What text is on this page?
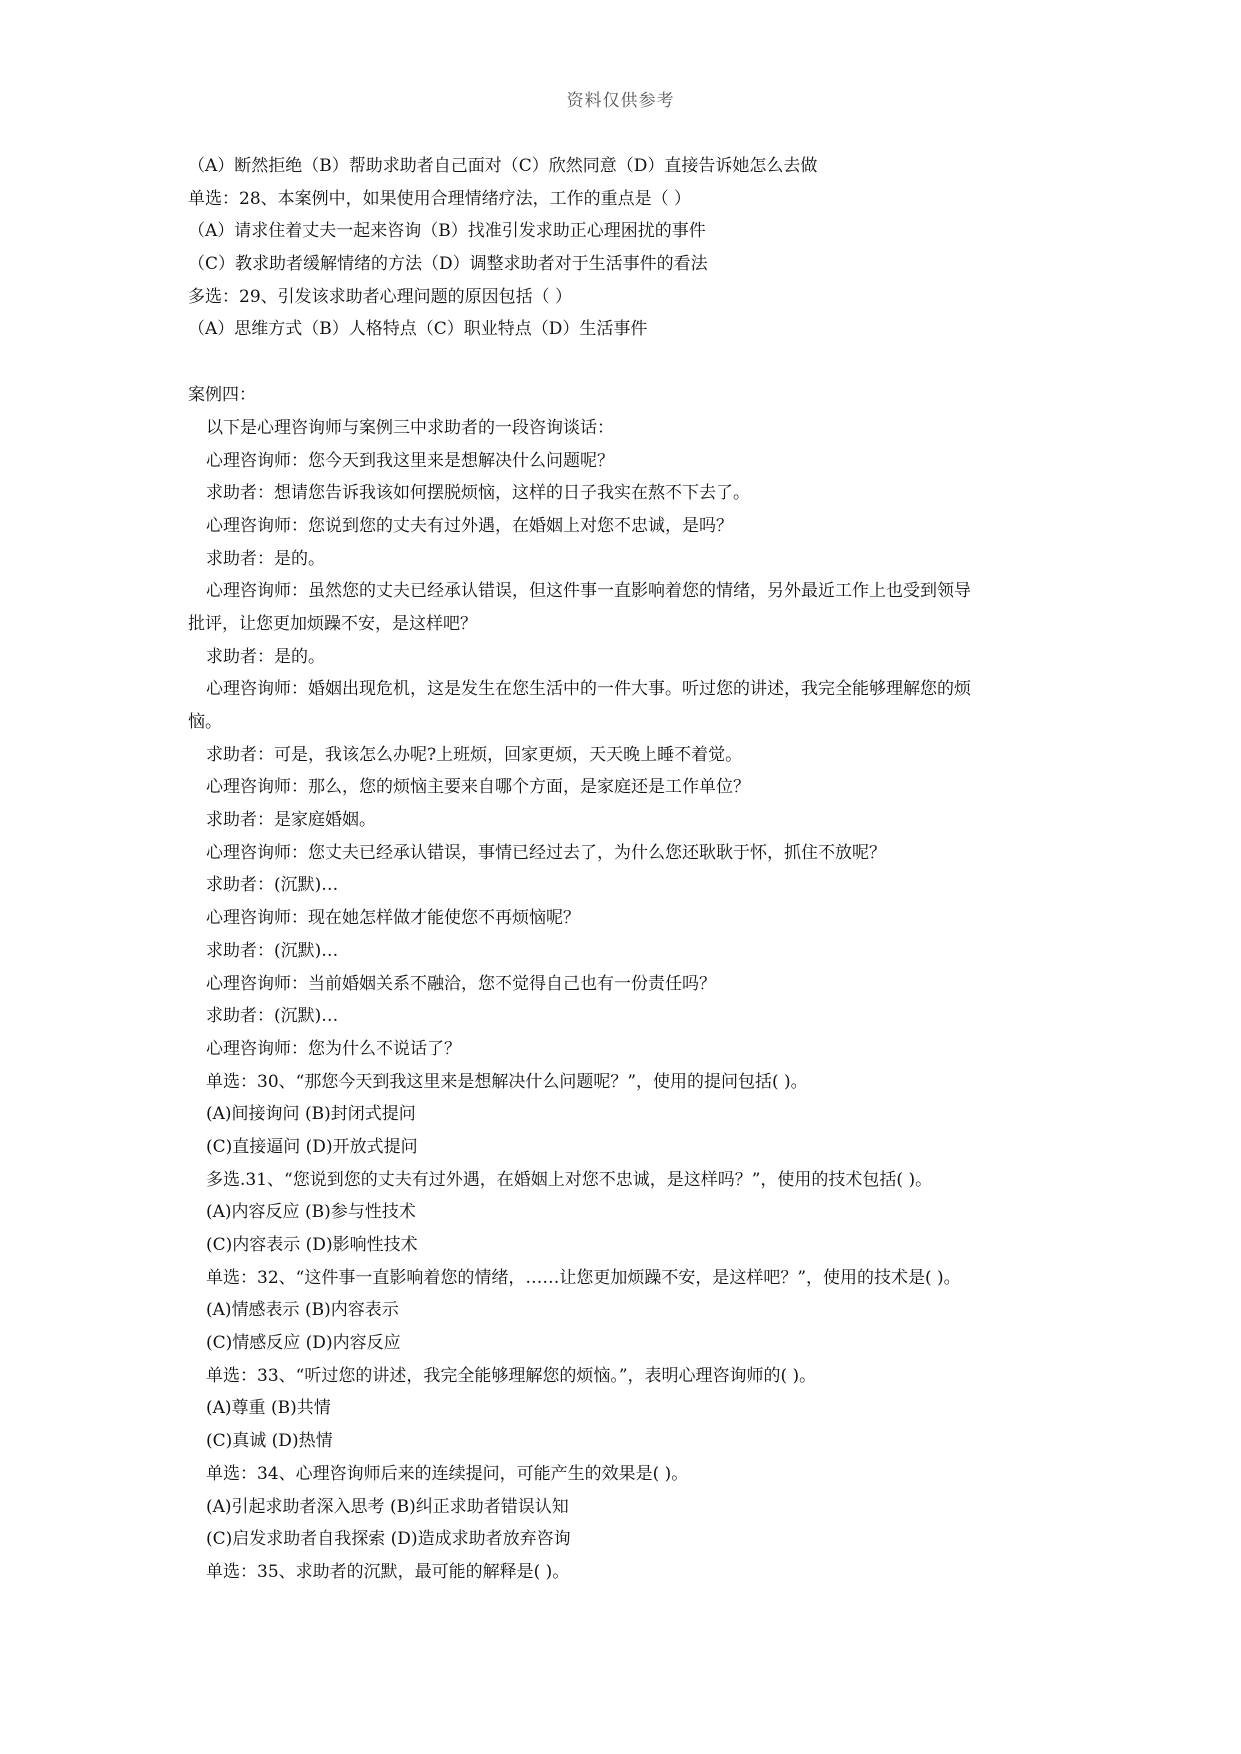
资料仅供参考
（A）断然拒绝（B）帮助求助者自己面对（C）欣然同意（D）直接告诉她怎么去做
单选：28、本案例中，如果使用合理情绪疗法，工作的重点是（ ）
（A）请求住着丈夫一起来咨询（B）找准引发求助正心理困扰的事件
（C）教求助者缓解情绪的方法（D）调整求助者对于生活事件的看法
多选：29、引发该求助者心理问题的原因包括（ ）
（A）思维方式（B）人格特点（C）职业特点（D）生活事件
案例四：
以下是心理咨询师与案例三中求助者的一段咨询谈话：
心理咨询师：您今天到我这里来是想解决什么问题呢？
求助者：想请您告诉我该如何摆脱烦恼，这样的日子我实在熬不下去了。
心理咨询师：您说到您的丈夫有过外遇，在婚姻上对您不忠诚，是吗？
求助者：是的。
心理咨询师：虽然您的丈夫已经承认错误，但这件事一直影响着您的情绪，另外最近工作上也受到领导
批评，让您更加烦躁不安，是这样吧？
求助者：是的。
心理咨询师：婚姻出现危机，这是发生在您生活中的一件大事。听过您的讲述，我完全能够理解您的烦
恼。
求助者：可是，我该怎么办呢?上班烦，回家更烦，天天晚上睡不着觉。
心理咨询师：那么，您的烦恼主要来自哪个方面，是家庭还是工作单位？
求助者：是家庭婚姻。
心理咨询师：您丈夫已经承认错误，事情已经过去了，为什么您还耿耿于怀，抓住不放呢？
求助者：(沉默)…
心理咨询师：现在她怎样做才能使您不再烦恼呢？
求助者：(沉默)…
心理咨询师：当前婚姻关系不融洽，您不觉得自己也有一份责任吗？
求助者：(沉默)…
心理咨询师：您为什么不说话了？
单选：30、“那您今天到我这里来是想解决什么问题呢？”，使用的提问包括( )。
(A)间接询问 (B)封闭式提问
(C)直接逼问 (D)开放式提问
多选.31、“您说到您的丈夫有过外遇，在婚姻上对您不忠诚，是这样吗？”，使用的技术包括( )。
(A)内容反应 (B)参与性技术
(C)内容表示 (D)影响性技术
单选：32、“这件事一直影响着您的情绪，……让您更加烦躁不安，是这样吧？”，使用的技术是( )。
(A)情感表示 (B)内容表示
(C)情感反应 (D)内容反应
单选：33、“听过您的讲述，我完全能够理解您的烦恼。”，表明心理咨询师的( )。
(A)尊重 (B)共情
(C)真诚 (D)热情
单选：34、心理咨询师后来的连续提问，可能产生的效果是( )。
(A)引起求助者深入思考 (B)纠正求助者错误认知
(C)启发求助者自我探索 (D)造成求助者放弃咨询
单选：35、求助者的沉默，最可能的解释是( )。
